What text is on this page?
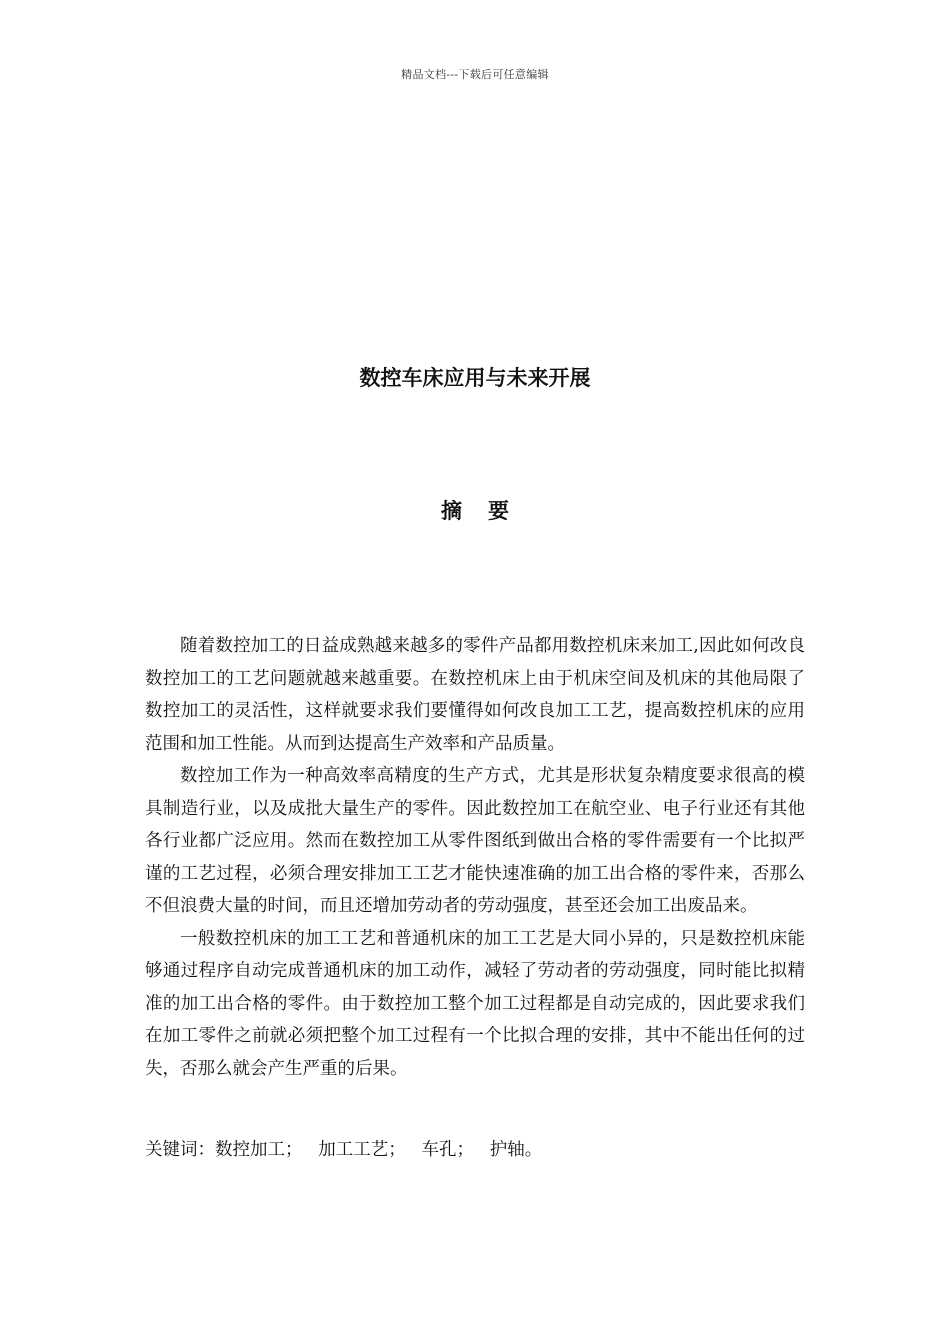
精品文档---下载后可任意编辑
数控车床应用与未来开展
摘要

随着数控加工的日益成熟越来越多的零件产品都用数控机床来加工,因此如何改良数控加工的工艺问题就越来越重要。在数控机床上由于机床空间及机床的其他局限了数控加工的灵活性，这样就要求我们要懂得如何改良加工工艺，提高数控机床的应用范围和加工性能。从而到达提高生产效率和产品质量。

数控加工作为一种高效率高精度的生产方式，尤其是形状复杂精度要求很高的模具制造行业，以及成批大量生产的零件。因此数控加工在航空业、电子行业还有其他各行业都广泛应用。然而在数控加工从零件图纸到做出合格的零件需要有一个比拟严谨的工艺过程，必须合理安排加工工艺才能快速准确的加工出合格的零件来，否那么不但浪费大量的时间，而且还增加劳动者的劳动强度，甚至还会加工出废品来。

一般数控机床的加工工艺和普通机床的加工工艺是大同小异的，只是数控机床能够通过程序自动完成普通机床的加工动作，减轻了劳动者的劳动强度，同时能比拟精准的加工出合格的零件。由于数控加工整个加工过程都是自动完成的，因此要求我们在加工零件之前就必须把整个加工过程有一个比拟合理的安排，其中不能出任何的过失，否那么就会产生严重的后果。

关键词：数控加工； 加工工艺； 车孔； 护轴。
